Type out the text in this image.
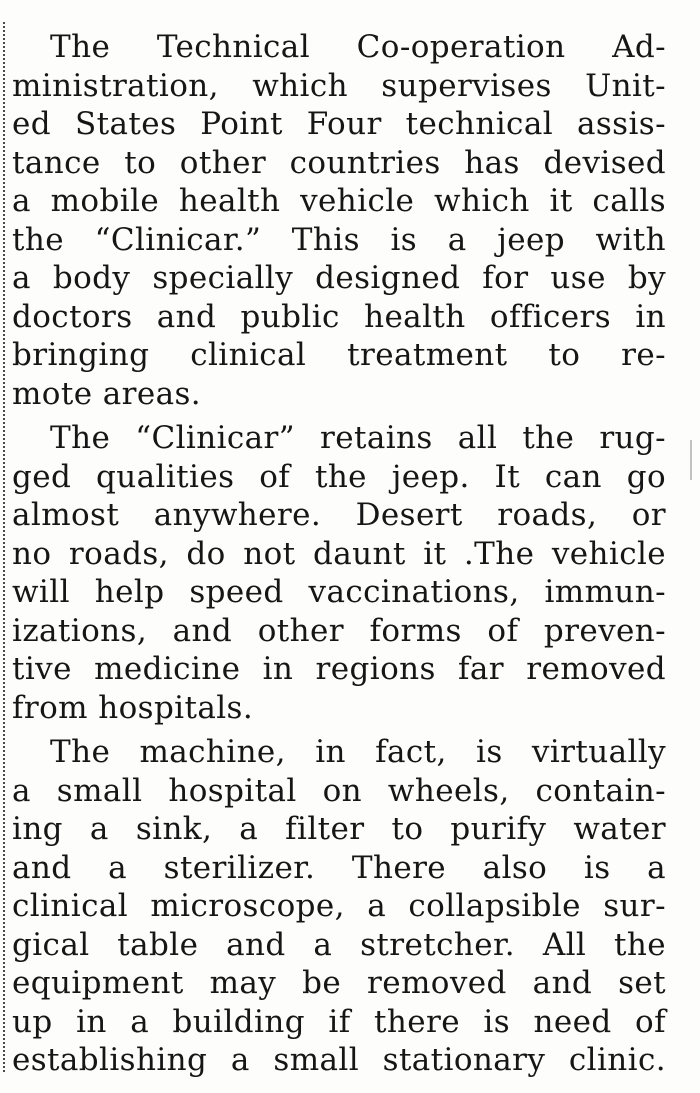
The Technical Co-operation Ad-
ministration, which supervises Unit-
ed States Point Four technical assis-
tance to other countries has devised
a mobile health vehicle which it calls
the “Clinicar.” This is a jeep with
a body specially designed for use by
doctors and public health officers in
bringing clinical treatment to re-
mote areas.
The “Clinicar” retains all the rug-
ged qualities of the jeep. It can go
almost anywhere. Desert roads, or
no roads, do not daunt it .The vehicle
will help speed vaccinations, immun-
izations, and other forms of preven-
tive medicine in regions far removed
from hospitals.
The machine, in fact, is virtually
a small hospital on wheels, contain-
ing a sink, a filter to purify water
and a sterilizer. There also is a
clinical microscope, a collapsible sur-
gical table and a stretcher. All the
equipment may be removed and set
up in a building if there is need of
establishing a small stationary clinic.
